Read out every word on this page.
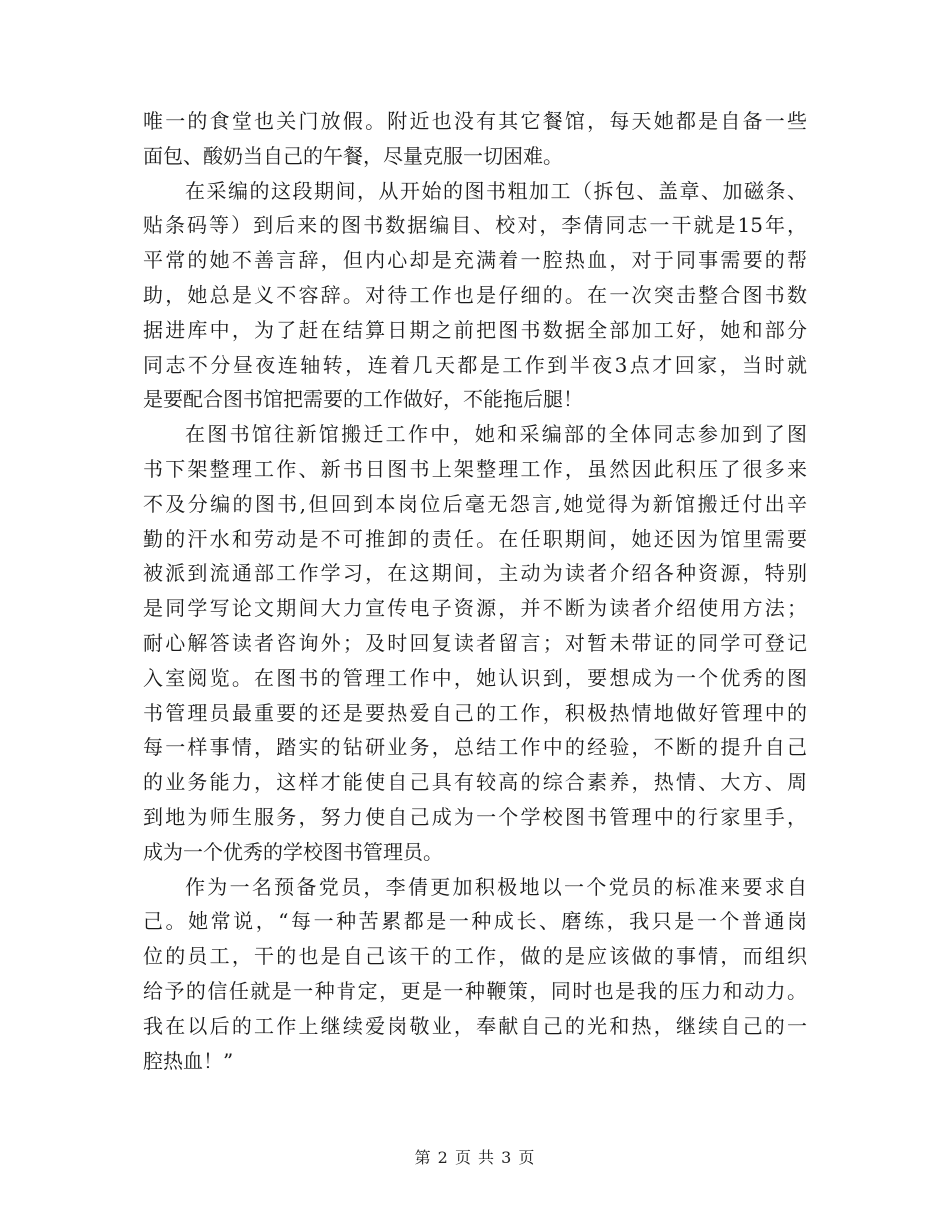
唯一的食堂也关门放假。附近也没有其它餐馆，每天她都是自备一些
面包、酸奶当自己的午餐，尽量克服一切困难。
在采编的这段期间，从开始的图书粗加工（拆包、盖章、加磁条、
贴条码等）到后来的图书数据编目、校对，李倩同志一干就是15年，
平常的她不善言辞，但内心却是充满着一腔热血，对于同事需要的帮
助，她总是义不容辞。对待工作也是仔细的。在一次突击整合图书数
据进库中，为了赶在结算日期之前把图书数据全部加工好，她和部分
同志不分昼夜连轴转，连着几天都是工作到半夜3点才回家，当时就
是要配合图书馆把需要的工作做好，不能拖后腿！
在图书馆往新馆搬迁工作中，她和采编部的全体同志参加到了图
书下架整理工作、新书日图书上架整理工作，虽然因此积压了很多来
不及分编的图书,但回到本岗位后毫无怨言,她觉得为新馆搬迁付出辛
勤的汗水和劳动是不可推卸的责任。在任职期间，她还因为馆里需要
被派到流通部工作学习，在这期间，主动为读者介绍各种资源，特别
是同学写论文期间大力宣传电子资源，并不断为读者介绍使用方法；
耐心解答读者咨询外；及时回复读者留言；对暂未带证的同学可登记
入室阅览。在图书的管理工作中，她认识到，要想成为一个优秀的图
书管理员最重要的还是要热爱自己的工作，积极热情地做好管理中的
每一样事情，踏实的钻研业务，总结工作中的经验，不断的提升自己
的业务能力，这样才能使自己具有较高的综合素养，热情、大方、周
到地为师生服务，努力使自己成为一个学校图书管理中的行家里手，
成为一个优秀的学校图书管理员。
作为一名预备党员，李倩更加积极地以一个党员的标准来要求自
己。她常说，“每一种苦累都是一种成长、磨练，我只是一个普通岗
位的员工，干的也是自己该干的工作，做的是应该做的事情，而组织
给予的信任就是一种肯定，更是一种鞭策，同时也是我的压力和动力。
我在以后的工作上继续爱岗敬业，奉献自己的光和热，继续自己的一
腔热血！”
第 2 页 共 3 页
